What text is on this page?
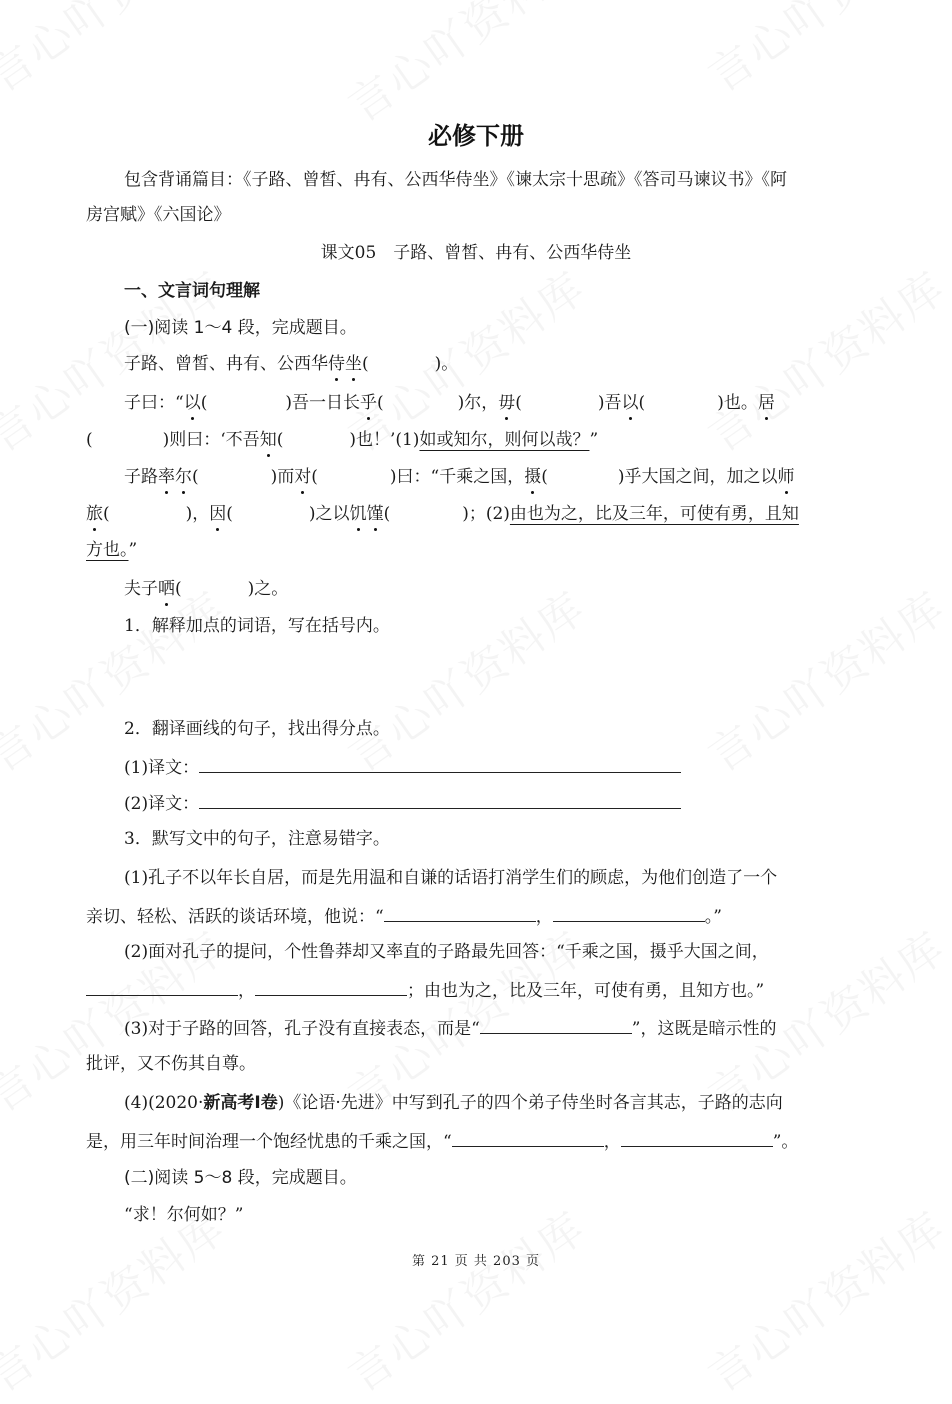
必修下册
包含背诵篇目：《子路、曾皙、冉有、公西华侍坐》《谏太宗十思疏》《答司马谏议书》《阿
房宫赋》《六国论》
课文05　子路、曾皙、冉有、公西华侍坐
一、文言词句理解
(一)阅读 1～4 段，完成题目。
子路、曾皙、冉有、公西华侍坐(	)。
子曰：“以(	)吾一日长乎(	)尔，毋(	)吾以(	)也。居
(	)则曰：‘不吾知(	)也！’(1)如或知尔，则何以哉？”
子路率尔(	)而对(	)曰：“千乘之国，摄(	)乎大国之间，加之以师
旅(	)，因(	)之以饥馑(	)；(2)由也为之，比及三年，可使有勇，且知
方也。”
夫子哂(	)之。
1．解释加点的词语，写在括号内。
2．翻译画线的句子，找出得分点。
(1)译文：
(2)译文：
3．默写文中的句子，注意易错字。
(1)孔子不以年长自居，而是先用温和自谦的话语打消学生们的顾虑，为他们创造了一个
亲切、轻松、活跃的谈话环境，他说：“	，	。”
(2)面对孔子的提问，个性鲁莽却又率直的子路最先回答：“千乘之国，摄乎大国之间，
，	；由也为之，比及三年，可使有勇，且知方也。”
(3)对于子路的回答，孔子没有直接表态，而是“	”，这既是暗示性的
批评，又不伤其自尊。
(4)(2020·新高考Ⅰ卷)《论语·先进》中写到孔子的四个弟子侍坐时各言其志，子路的志向
是，用三年时间治理一个饱经忧患的千乘之国，“	，	”。
(二)阅读 5～8 段，完成题目。
“求！尔何如？”
第 21 页 共 203 页
